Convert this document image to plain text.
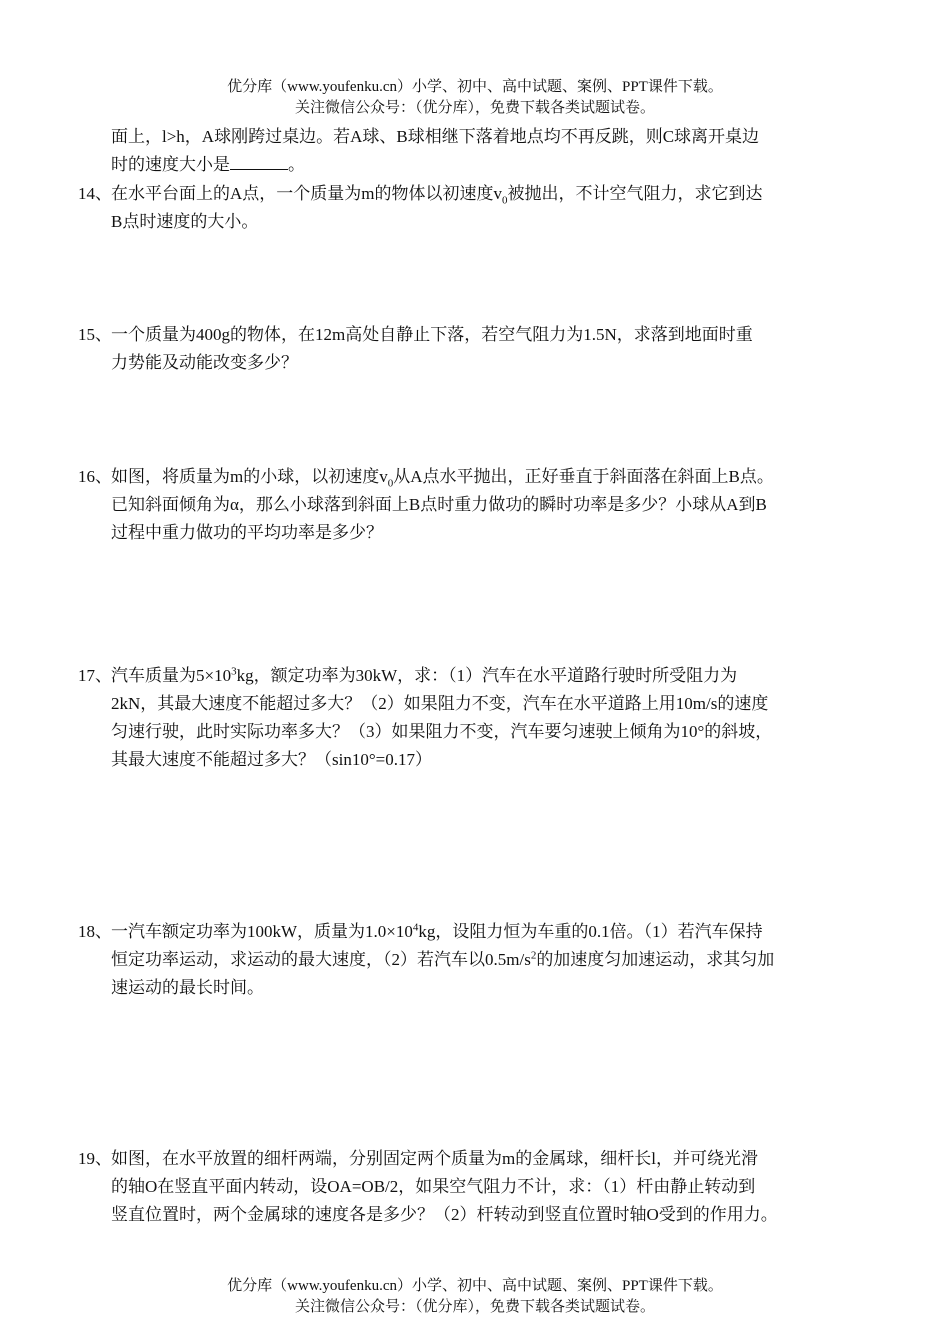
优分库（www.youfenku.cn）小学、初中、高中试题、案例、PPT课件下载。
关注微信公众号：（优分库），免费下载各类试题试卷。
面上，l>h，A球刚跨过桌边。若A球、B球相继下落着地点均不再反跳，则C球离开桌边
时的速度大小是	。
14、 在水平台面上的A点，一个质量为m的物体以初速度$v_0$被抛出，不计空气阻力，求它到达
B点时速度的大小。
15、 一个质量为400g的物体，在12m高处自静止下落，若空气阻力为1.5N，求落到地面时重
力势能及动能改变多少？
16、 如图，将质量为m的小球，以初速度$v_0$从A点水平抛出，正好垂直于斜面落在斜面上B点。
已知斜面倾角为α，那么小球落到斜面上B点时重力做功的瞬时功率是多少？小球从A到B
过程中重力做功的平均功率是多少？
17、 汽车质量为$5\times 10^3kg$，额定功率为30kW，求：（1）汽车在水平道路行驶时所受阻力为
2kN，其最大速度不能超过多大？（2）如果阻力不变，汽车在水平道路上用10m/s的速度
匀速行驶，此时实际功率多大？（3）如果阻力不变，汽车要匀速驶上倾角为10°的斜坡，
其最大速度不能超过多大？（sin10°=0.17）
18、 一汽车额定功率为100kW，质量为$1.0\times 10^4kg$，设阻力恒为车重的0.1倍。（1）若汽车保持
恒定功率运动，求运动的最大速度，（2）若汽车以$0.5m/s^2$的加速度匀加速运动，求其匀加
速运动的最长时间。
19、 如图，在水平放置的细杆两端，分别固定两个质量为m的金属球，细杆长l，并可绕光滑
的轴O在竖直平面内转动，设OA=OB/2，如果空气阻力不计，求：（1）杆由静止转动到
竖直位置时，两个金属球的速度各是多少？（2）杆转动到竖直位置时轴O受到的作用力。
优分库（www.youfenku.cn）小学、初中、高中试题、案例、PPT课件下载。
关注微信公众号：（优分库），免费下载各类试题试卷。
